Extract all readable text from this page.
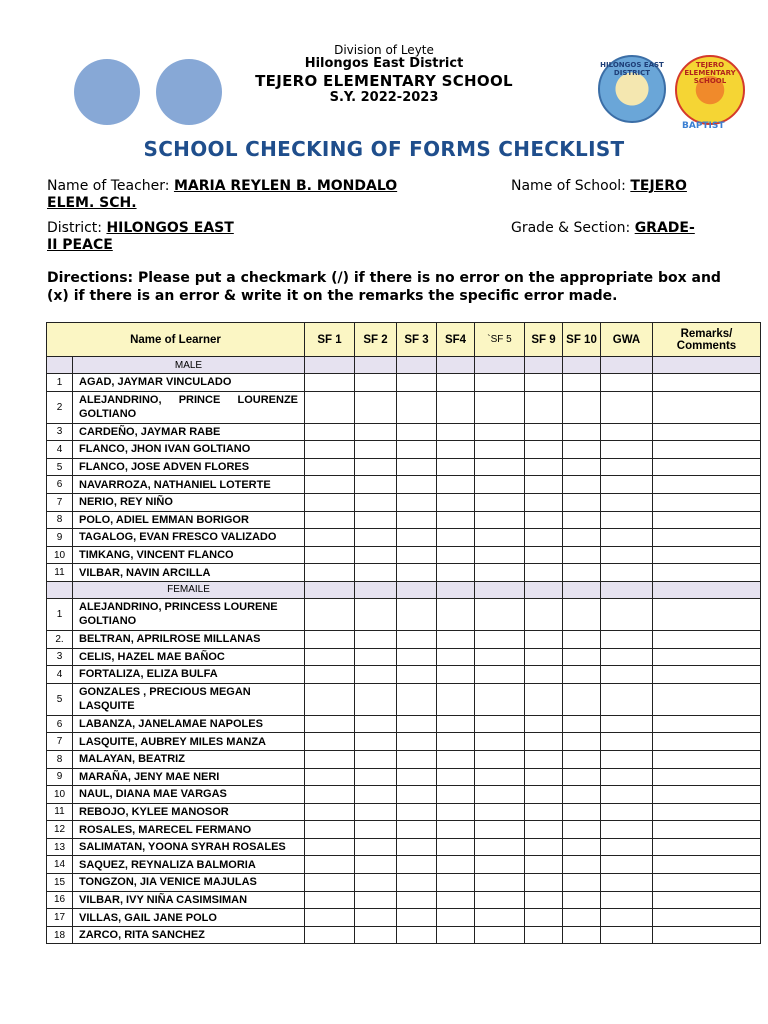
Division of Leyte
Hilongos East District
TEJERO ELEMENTARY SCHOOL
S.Y. 2022-2023
HILONGOS EAST DISTRICT
TEJERO ELEMENTARY SCHOOL
BAPTIST
SCHOOL CHECKING OF FORMS CHECKLIST
Name of Teacher: MARIA REYLEN B. MONDALO
ELEM. SCH.
Name of School: TEJERO
District: HILONGOS EAST
II PEACE
Grade & Section: GRADE-
Directions: Please put a checkmark (/) if there is no error on the appropriate box and (x) if there is an error & write it on the remarks the specific error made.
Name of Learner		SF 1	SF 2	SF 3	SF4	`SF 5	SF 9	SF 10	GWA	Remarks/ Comments
	MALE									
1	AGAD, JAYMAR VINCULADO									
2	ALEJANDRINO,   PRINCE   LOURENZE GOLTIANO									
3	CARDEÑO, JAYMAR RABE									
4	FLANCO, JHON IVAN GOLTIANO									
5	FLANCO, JOSE ADVEN FLORES									
6	NAVARROZA, NATHANIEL LOTERTE									
7	NERIO, REY NIÑO									
8	POLO, ADIEL EMMAN BORIGOR									
9	TAGALOG, EVAN FRESCO VALIZADO									
10	TIMKANG, VINCENT FLANCO									
11	VILBAR, NAVIN ARCILLA									
	FEMAILE									
1	ALEJANDRINO, PRINCESS LOURENE GOLTIANO									
2.	BELTRAN, APRILROSE MILLANAS									
3	CELIS, HAZEL MAE BAÑOC									
4	FORTALIZA, ELIZA BULFA									
5	GONZALES , PRECIOUS MEGAN LASQUITE									
6	LABANZA, JANELAMAE NAPOLES									
7	LASQUITE, AUBREY MILES MANZA									
8	MALAYAN, BEATRIZ									
9	MARAÑA, JENY MAE NERI									
10	NAUL, DIANA MAE VARGAS									
11	REBOJO, KYLEE MANOSOR									
12	ROSALES, MARECEL FERMANO									
13	SALIMATAN, YOONA SYRAH ROSALES									
14	SAQUEZ, REYNALIZA BALMORIA									
15	TONGZON, JIA VENICE MAJULAS									
16	VILBAR, IVY NIÑA CASIMSIMAN									
17	VILLAS, GAIL JANE POLO									
18	ZARCO, RITA SANCHEZ									
